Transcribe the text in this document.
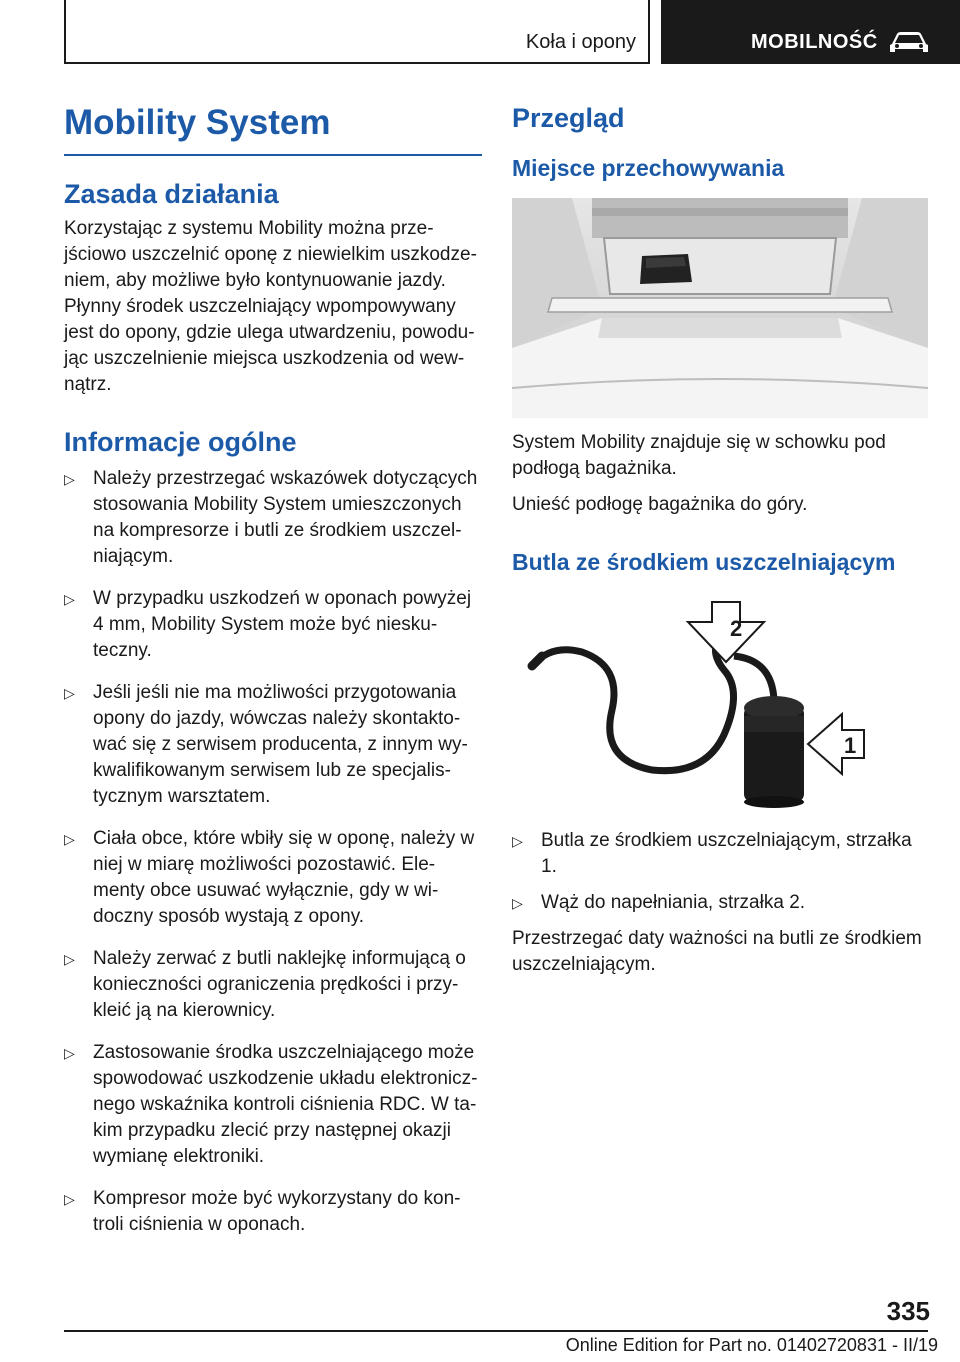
Koła i opony	MOBILNOŚĆ
Mobility System
Zasada działania

Korzystając z systemu Mobility można prze- jściowo uszczelnić oponę z niewielkim uszkodze- niem, aby możliwe było kontynuowanie jazdy. Płynny środek uszczelniający wpompowywany jest do opony, gdzie ulega utwardzeniu, powodu- jąc uszczelnienie miejsca uszkodzenia od wew- nątrz.

Informacje ogólne
▷ Należy przestrzegać wskazówek dotyczących stosowania Mobility System umieszczonych na kompresorze i butli ze środkiem uszczel- niającym.
▷ W przypadku uszkodzeń w oponach powyżej 4 mm, Mobility System może być niesku- teczny.
▷ Jeśli jeśli nie ma możliwości przygotowania opony do jazdy, wówczas należy skontakto- wać się z serwisem producenta, z innym wy- kwalifikowanym serwisem lub ze specjalis- tycznym warsztatem.
▷ Ciała obce, które wbiły się w oponę, należy w niej w miarę możliwości pozostawić. Ele- menty obce usuwać wyłącznie, gdy w wi- doczny sposób wystają z opony.
▷ Należy zerwać z butli naklejkę informującą o konieczności ograniczenia prędkości i przy- kleić ją na kierownicy.
▷ Zastosowanie środka uszczelniającego może spowodować uszkodzenie układu elektronicz- nego wskaźnika kontroli ciśnienia RDC. W ta- kim przypadku zlecić przy następnej okazji wymianę elektroniki.
▷ Kompresor może być wykorzystany do kon- troli ciśnienia w oponach.
Przegląd
Miejsce przechowywania

System Mobility znajduje się w schowku pod podłogą bagażnika.

Unieść podłogę bagażnika do góry.

Butla ze środkiem uszczelniającym
2
1
▷ Butla ze środkiem uszczelniającym, strzałka 1.
▷ Wąż do napełniania, strzałka 2.

Przestrzegać daty ważności na butli ze środkiem uszczelniającym.

335
Online Edition for Part no. 01402720831 - II/19
